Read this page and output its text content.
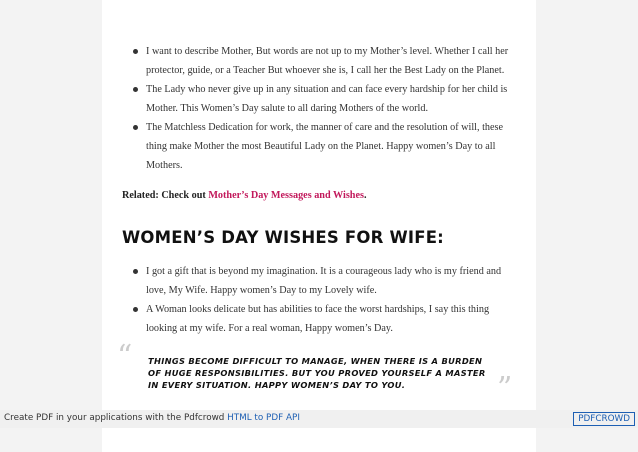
I want to describe Mother, But words are not up to my Mother’s level. Whether I call her protector, guide, or a Teacher But whoever she is, I call her the Best Lady on the Planet.
The Lady who never give up in any situation and can face every hardship for her child is Mother. This Women’s Day salute to all daring Mothers of the world.
The Matchless Dedication for work, the manner of care and the resolution of will, these thing make Mother the most Beautiful Lady on the Planet. Happy women’s Day to all Mothers.
Related: Check out Mother’s Day Messages and Wishes.
WOMEN’S DAY WISHES FOR WIFE:
I got a gift that is beyond my imagination. It is a courageous lady who is my friend and love, My Wife. Happy women’s Day to my Lovely wife.
A Woman looks delicate but has abilities to face the worst hardships, I say this thing looking at my wife. For a real woman, Happy women’s Day.
“ THINGS BECOME DIFFICULT TO MANAGE, WHEN THERE IS A BURDEN OF HUGE RESPONSIBILITIES. BUT YOU PROVED YOURSELF A MASTER IN EVERY SITUATION. HAPPY WOMEN’S DAY TO YOU.	”
Create PDF in your applications with the Pdfcrowd HTML to PDF API	PDFCROWD
